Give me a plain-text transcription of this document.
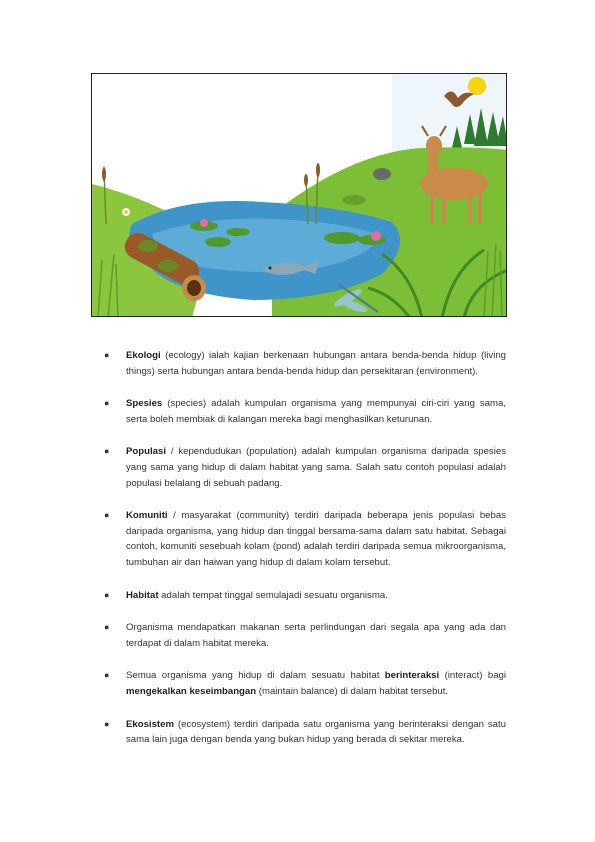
● Ekologi (ecology) ialah kajian berkenaan hubungan antara benda-benda hidup (living things) serta hubungan antara benda-benda hidup dan persekitaran (environment).
● Spesies (species) adalah kumpulan organisma yang mempunyai ciri-ciri yang sama, serta boleh membiak di kalangan mereka bagi menghasilkan keturunan.
● Populasi / kependudukan (population) adalah kumpulan organisma daripada spesies yang sama yang hidup di dalam habitat yang sama. Salah satu contoh populasi adalah populasi belalang di sebuah padang.
● Komuniti / masyarakat (community) terdiri daripada beberapa jenis populasi bebas daripada organisma, yang hidup dan tinggal bersama-sama dalam satu habitat. Sebagai contoh, komuniti sesebuah kolam (pond) adalah terdiri daripada semua mikroorganisma, tumbuhan air dan haiwan yang hidup di dalam kolam tersebut.
● Habitat adalah tempat tinggal semulajadi sesuatu organisma.
● Organisma mendapatkan makanan serta perlindungan dari segala apa yang ada dan terdapat di dalam habitat mereka.
● Semua organisma yang hidup di dalam sesuatu habitat berinteraksi (interact) bagi mengekalkan keseimbangan (maintain balance) di dalam habitat tersebut.
● Ekosistem (ecosystem) terdiri daripada satu organisma yang berinteraksi dengan satu sama lain juga dengan benda yang bukan hidup yang berada di sekitar mereka.
